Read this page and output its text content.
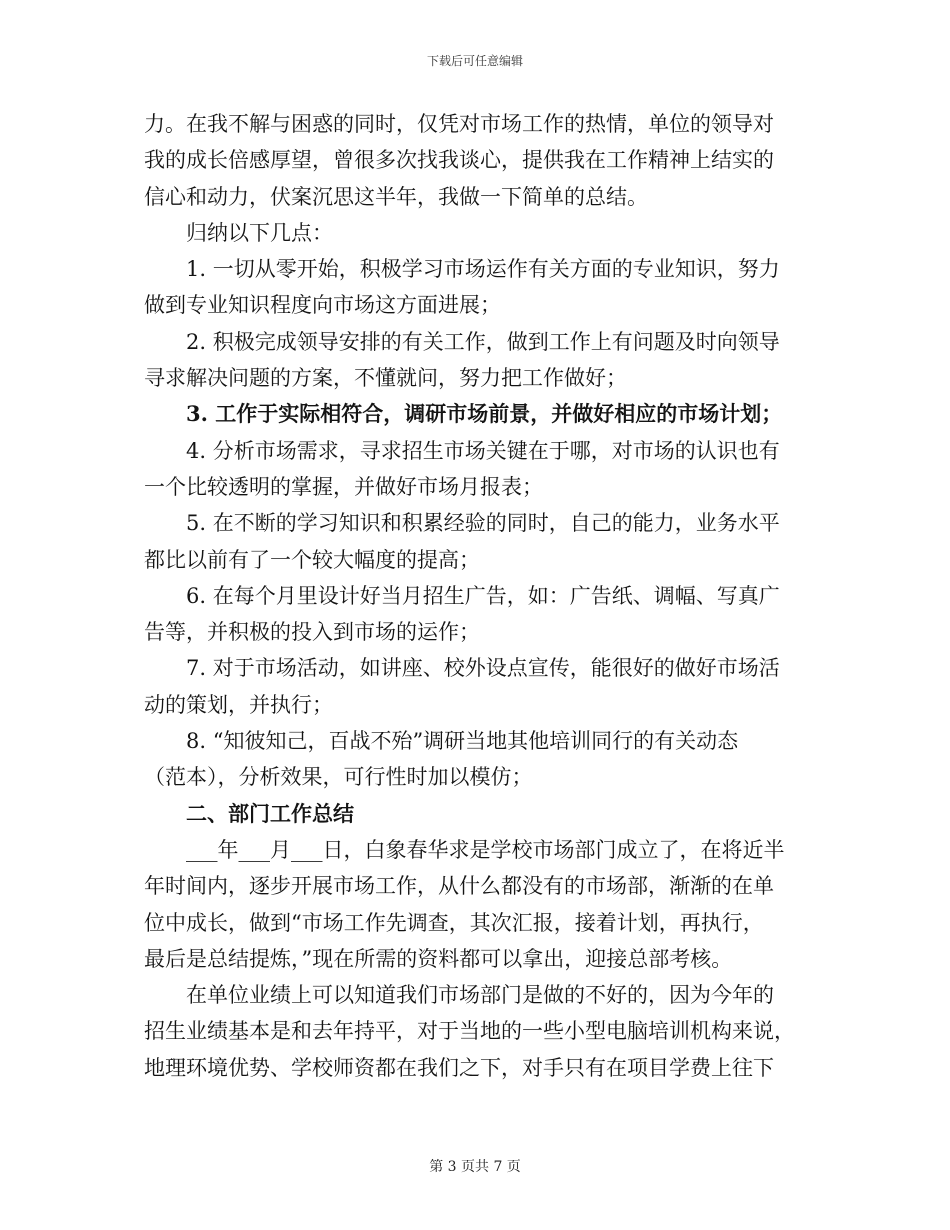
下载后可任意编辑

力。在我不解与困惑的同时，仅凭对市场工作的热情，单位的领导对

我的成长倍感厚望，曾很多次找我谈心，提供我在工作精神上结实的

信心和动力，伏案沉思这半年，我做一下简单的总结。

归纳以下几点：

1. 一切从零开始，积极学习市场运作有关方面的专业知识，努力

做到专业知识程度向市场这方面进展；

2. 积极完成领导安排的有关工作，做到工作上有问题及时向领导

寻求解决问题的方案，不懂就问，努力把工作做好；

3. 工作于实际相符合，调研市场前景，并做好相应的市场计划；

4. 分析市场需求，寻求招生市场关键在于哪，对市场的认识也有

一个比较透明的掌握，并做好市场月报表；

5. 在不断的学习知识和积累经验的同时，自己的能力，业务水平

都比以前有了一个较大幅度的提高；

6. 在每个月里设计好当月招生广告，如：广告纸、调幅、写真广

告等，并积极的投入到市场的运作；

7. 对于市场活动，如讲座、校外设点宣传，能很好的做好市场活

动的策划，并执行；

8. “知彼知己，百战不殆”调研当地其他培训同行的有关动态

（范本），分析效果，可行性时加以模仿；

二、部门工作总结

___年___月___日，白象春华求是学校市场部门成立了，在将近半

年时间内，逐步开展市场工作，从什么都没有的市场部，渐渐的在单

位中成长，做到“市场工作先调查，其次汇报，接着计划，再执行，

最后是总结提炼，”现在所需的资料都可以拿出，迎接总部考核。

在单位业绩上可以知道我们市场部门是做的不好的，因为今年的

招生业绩基本是和去年持平，对于当地的一些小型电脑培训机构来说，

地理环境优势、学校师资都在我们之下，对手只有在项目学费上往下

第 3 页共 7 页
